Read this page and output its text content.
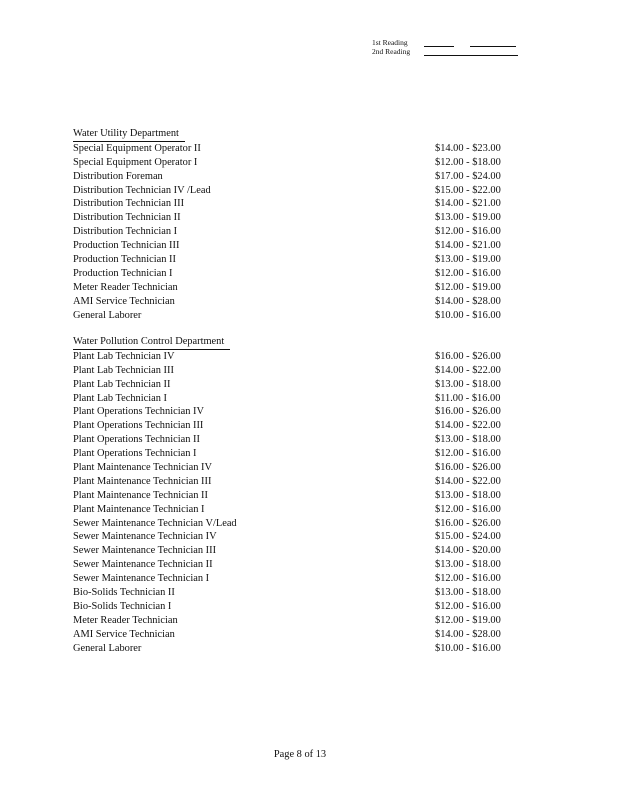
1st Reading
2nd Reading
Water Utility Department
Special Equipment Operator II	$14.00 - $23.00
Special Equipment Operator I	$12.00 - $18.00
Distribution Foreman	$17.00 - $24.00
Distribution Technician IV /Lead	$15.00 - $22.00
Distribution Technician III	$14.00 - $21.00
Distribution Technician II	$13.00 - $19.00
Distribution Technician I	$12.00 - $16.00
Production Technician III	$14.00 - $21.00
Production Technician II	$13.00 - $19.00
Production Technician I	$12.00 - $16.00
Meter Reader Technician	$12.00 - $19.00
AMI Service Technician	$14.00 - $28.00
General Laborer	$10.00 - $16.00
Water Pollution Control Department
Plant Lab Technician IV	$16.00 - $26.00
Plant Lab Technician III	$14.00 - $22.00
Plant Lab Technician II	$13.00 - $18.00
Plant Lab Technician I	$11.00 - $16.00
Plant Operations Technician IV	$16.00 - $26.00
Plant Operations Technician III	$14.00 - $22.00
Plant Operations Technician II	$13.00 - $18.00
Plant Operations Technician I	$12.00 - $16.00
Plant Maintenance Technician IV	$16.00 - $26.00
Plant Maintenance Technician III	$14.00 - $22.00
Plant Maintenance Technician II	$13.00 - $18.00
Plant Maintenance Technician I	$12.00 - $16.00
Sewer Maintenance Technician V/Lead	$16.00 - $26.00
Sewer Maintenance Technician IV	$15.00 - $24.00
Sewer Maintenance Technician III	$14.00 - $20.00
Sewer Maintenance Technician II	$13.00 - $18.00
Sewer Maintenance Technician I	$12.00 - $16.00
Bio-Solids Technician II	$13.00 - $18.00
Bio-Solids Technician I	$12.00 - $16.00
Meter Reader Technician	$12.00 - $19.00
AMI Service Technician	$14.00 - $28.00
General Laborer	$10.00 - $16.00
Page 8 of 13
